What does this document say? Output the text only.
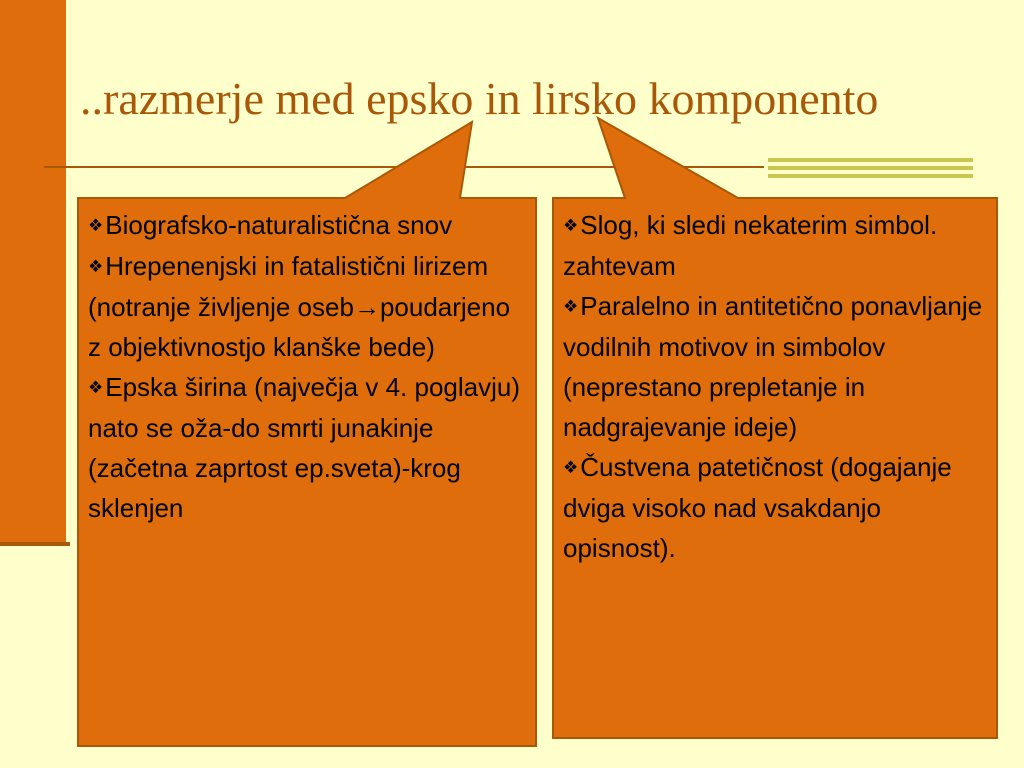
..razmerje med epsko in lirsko komponento

❖Biografsko-naturalistična snov

❖Hrepenenjski in fatalistični lirizem (notranje življenje oseb→poudarjeno z objektivnostjo klanške bede)

❖Epska širina (največja v 4. poglavju) nato se oža-do smrti junakinje (začetna zaprtost ep.sveta)-krog sklenjen

❖Slog, ki sledi nekaterim simbol. zahtevam

❖Paralelno in antitetično ponavljanje vodilnih motivov in simbolov (neprestano prepletanje in nadgrajevanje ideje)

❖Čustvena patetičnost (dogajanje dviga visoko nad vsakdanjo opisnost).
